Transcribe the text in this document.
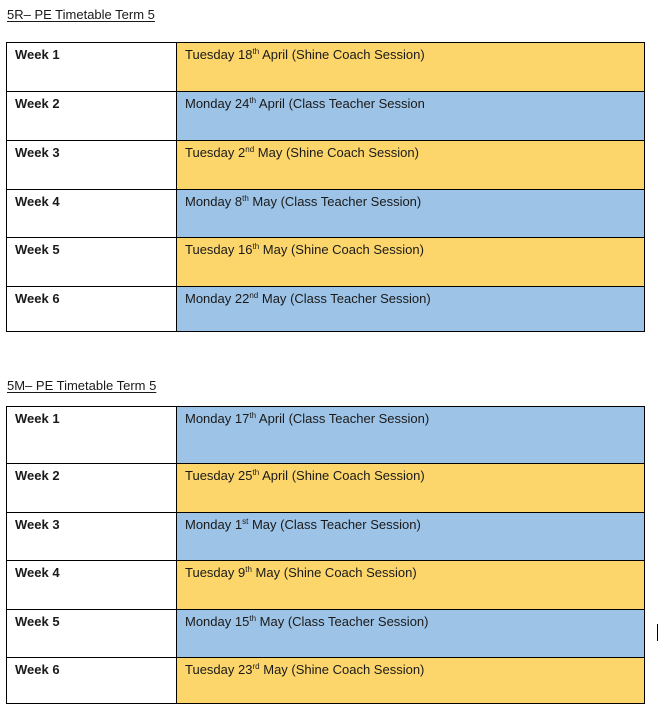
5R– PE Timetable Term 5
Week 1	Tuesday 18th April (Shine Coach Session)
Week 2	Monday 24th April (Class Teacher Session
Week 3	Tuesday 2nd May (Shine Coach Session)
Week 4	Monday 8th May (Class Teacher Session)
Week 5	Tuesday 16th May (Shine Coach Session)
Week 6	Monday 22nd May (Class Teacher Session)
5M– PE Timetable Term 5
Week 1	Monday 17th April (Class Teacher Session)
Week 2	Tuesday 25th April (Shine Coach Session)
Week 3	Monday 1st May (Class Teacher Session)
Week 4	Tuesday 9th May (Shine Coach Session)
Week 5	Monday 15th May (Class Teacher Session)
Week 6	Tuesday 23rd May (Shine Coach Session)
